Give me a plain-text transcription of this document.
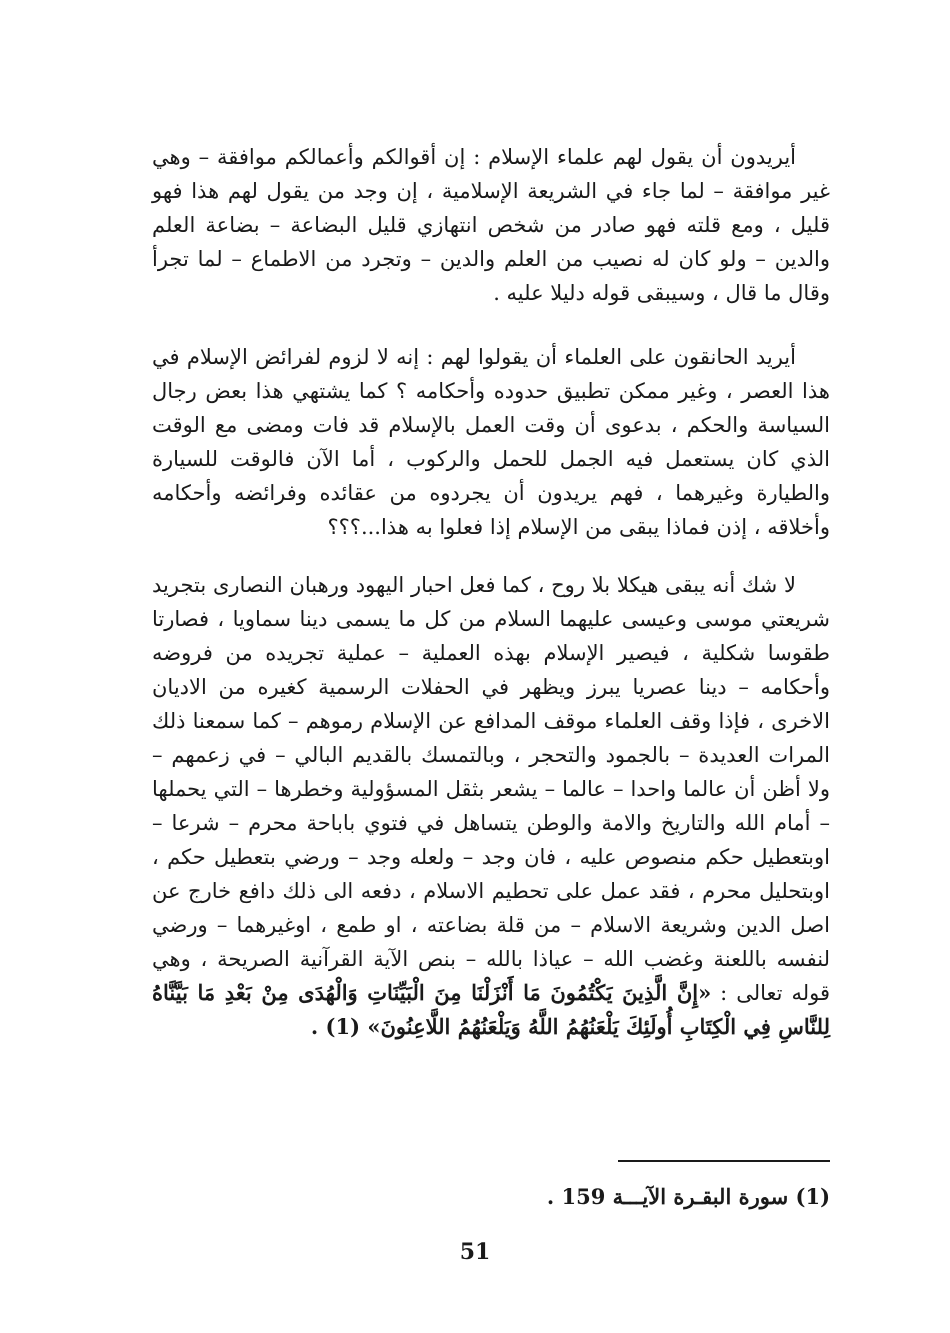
أيريدون أن يقول لهم علماء الإسلام : إن أقوالكم وأعمالكم موافقة – وهي غير موافقة – لما جاء في الشريعة الإسلامية ، إن وجد من يقول لهم هذا فهو قليل ، ومع قلته فهو صادر من شخص انتهازي قليل البضاعة – بضاعة العلم والدين – ولو كان له نصيب من العلم والدين – وتجرد من الاطماع – لما تجرأ وقال ما قال ، وسيبقى قوله دليلا عليه .

أيريد الحانقون على العلماء أن يقولوا لهم : إنه لا لزوم لفرائض الإسلام في هذا العصر ، وغير ممكن تطبيق حدوده وأحكامه ؟ كما يشتهي هذا بعض رجال السياسة والحكم ، بدعوى أن وقت العمل بالإسلام قد فات ومضى مع الوقت الذي كان يستعمل فيه الجمل للحمل والركوب ، أما الآن فالوقت للسيارة والطيارة وغيرهما ، فهم يريدون أن يجردوه من عقائده وفرائضه وأحكامه وأخلاقه ، إذن فماذا يبقى من الإسلام إذا فعلوا به هذا...؟؟؟

لا شك أنه يبقى هيكلا بلا روح ، كما فعل احبار اليهود ورهبان النصارى بتجريد شريعتي موسى وعيسى عليهما السلام من كل ما يسمى دينا سماويا ، فصارتا طقوسا شكلية ، فيصير الإسلام بهذه العملية – عملية تجريده من فروضه وأحكامه – دينا عصريا يبرز ويظهر في الحفلات الرسمية كغيره من الاديان الاخرى ، فإذا وقف العلماء موقف المدافع عن الإسلام رموهم – كما سمعنا ذلك المرات العديدة – بالجمود والتحجر ، وبالتمسك بالقديم البالي – في زعمهم – ولا أظن أن عالما واحدا – عالما – يشعر بثقل المسؤولية وخطرها – التي يحملها – أمام الله والتاريخ والامة والوطن يتساهل في فتوي باباحة محرم – شرعا – اوبتعطيل حكم منصوص عليه ، فان وجد – ولعله وجد – ورضي بتعطيل حكم ، اوبتحليل محرم ، فقد عمل على تحطيم الاسلام ، دفعه الى ذلك دافع خارج عن اصل الدين وشريعة الاسلام – من قلة بضاعته ، او طمع ، اوغيرهما – ورضي لنفسه باللعنة وغضب الله – عياذا بالله – بنص الآية القرآنية الصريحة ، وهي قوله تعالى : «إِنَّ الَّذِينَ يَكْتُمُونَ مَا أَنْزَلْنَا مِنَ الْبَيِّنَاتِ وَالْهُدَى مِنْ بَعْدِ مَا بَيَّنَّاهُ لِلنَّاسِ فِي الْكِتَابِ أُولَئِكَ يَلْعَنُهُمُ اللَّهُ وَيَلْعَنُهُمُ اللَّاعِنُونَ» (1) .

(1) سورة البقـرة الآيـــة 159 .
51
